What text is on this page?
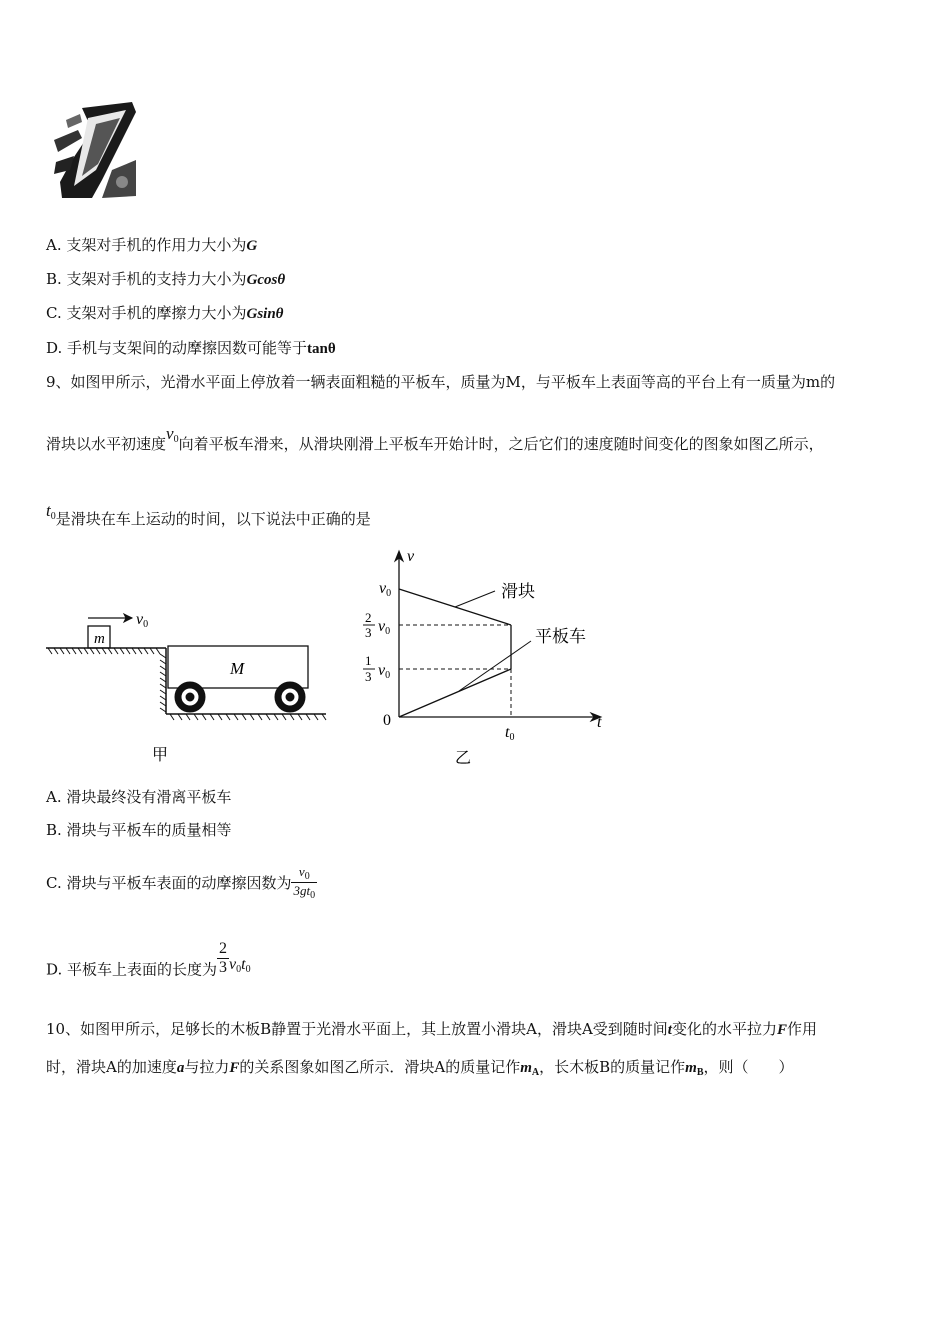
A. 支架对手机的作用力大小为G
B. 支架对手机的支持力大小为Gcosθ
C. 支架对手机的摩擦力大小为Gsinθ
D. 手机与支架间的动摩擦因数可能等于tanθ
9、如图甲所示，光滑水平面上停放着一辆表面粗糙的平板车，质量为M，与平板车上表面等高的平台上有一质量为m的
滑块以水平初速度$v_0$向着平板车滑来，从滑块刚滑上平板车开始计时，之后它们的速度随时间变化的图象如图乙所示，
$t_0$是滑块在车上运动的时间，以下说法中正确的是
m
M
v0
甲
v
t
0
v0
2
3 v0
1
3 v0
t0
滑块
平板车
乙
A. 滑块最终没有滑离平板车
B. 滑块与平板车的质量相等
C. 滑块与平板车表面的动摩擦因数为 $\frac{v_0}{3gt_0}$
D. 平板车上表面的长度为 $\frac{2}{3} v_0t_0$
10、如图甲所示，足够长的木板B静置于光滑水平面上，其上放置小滑块A，滑块A受到随时间t变化的水平拉力F作用
时，滑块A的加速度a与拉力F的关系图象如图乙所示．滑块A的质量记作$m_A$，长木板B的质量记作$m_B$，则（　　）
